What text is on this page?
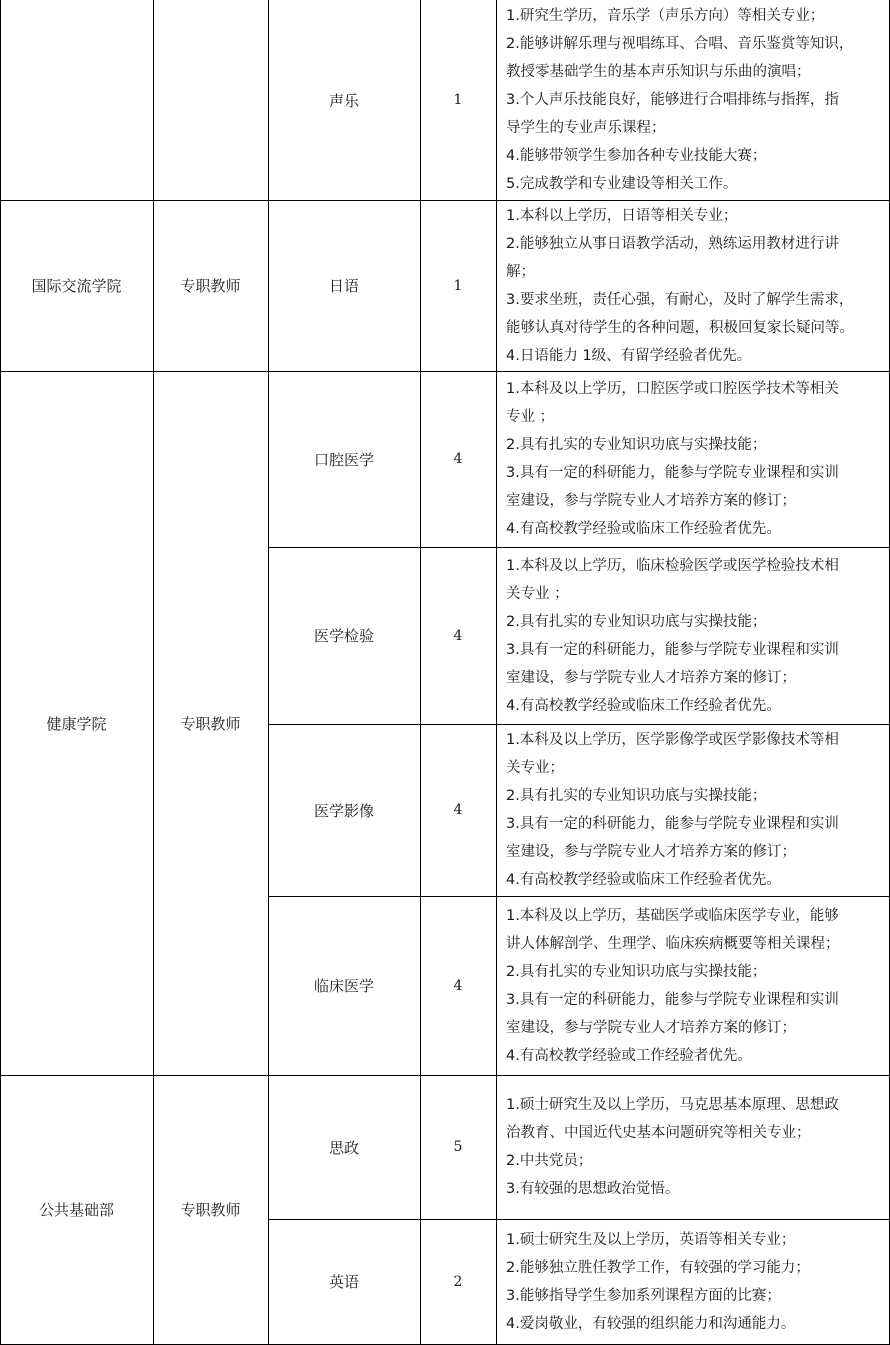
声乐	1
1.研究生学历，音乐学（声乐方向）等相关专业；
2.能够讲解乐理与视唱练耳、合唱、音乐鉴赏等知识，
教授零基础学生的基本声乐知识与乐曲的演唱；
3.个人声乐技能良好，能够进行合唱排练与指挥，指
导学生的专业声乐课程；
4.能够带领学生参加各种专业技能大赛；
5.完成教学和专业建设等相关工作。
国际交流学院	专职教师	日语	1
1.本科以上学历，日语等相关专业；
2.能够独立从事日语教学活动，熟练运用教材进行讲
解；
3.要求坐班，责任心强，有耐心，及时了解学生需求，
能够认真对待学生的各种问题，积极回复家长疑问等。
4.日语能力 1级、有留学经验者优先。
健康学院	专职教师
口腔医学	4
1.本科及以上学历，口腔医学或口腔医学技术等相关
专业 ；
2.具有扎实的专业知识功底与实操技能；
3.具有一定的科研能力，能参与学院专业课程和实训
室建设，参与学院专业人才培养方案的修订；
4.有高校教学经验或临床工作经验者优先。
医学检验	4
1.本科及以上学历，临床检验医学或医学检验技术相
关专业 ；
2.具有扎实的专业知识功底与实操技能；
3.具有一定的科研能力，能参与学院专业课程和实训
室建设，参与学院专业人才培养方案的修订；
4.有高校教学经验或临床工作经验者优先。
医学影像	4
1.本科及以上学历，医学影像学或医学影像技术等相
关专业；
2.具有扎实的专业知识功底与实操技能；
3.具有一定的科研能力，能参与学院专业课程和实训
室建设，参与学院专业人才培养方案的修订；
4.有高校教学经验或临床工作经验者优先。
临床医学	4
1.本科及以上学历，基础医学或临床医学专业，能够
讲人体解剖学、生理学、临床疾病概要等相关课程；
2.具有扎实的专业知识功底与实操技能；
3.具有一定的科研能力，能参与学院专业课程和实训
室建设，参与学院专业人才培养方案的修订；
4.有高校教学经验或工作经验者优先。
公共基础部	专职教师
思政	5
1.硕士研究生及以上学历，马克思基本原理、思想政
治教育、中国近代史基本问题研究等相关专业；
2.中共党员；
3.有较强的思想政治觉悟。
英语	2
1.硕士研究生及以上学历，英语等相关专业；
2.能够独立胜任教学工作，有较强的学习能力；
3.能够指导学生参加系列课程方面的比赛；
4.爱岗敬业，有较强的组织能力和沟通能力。
